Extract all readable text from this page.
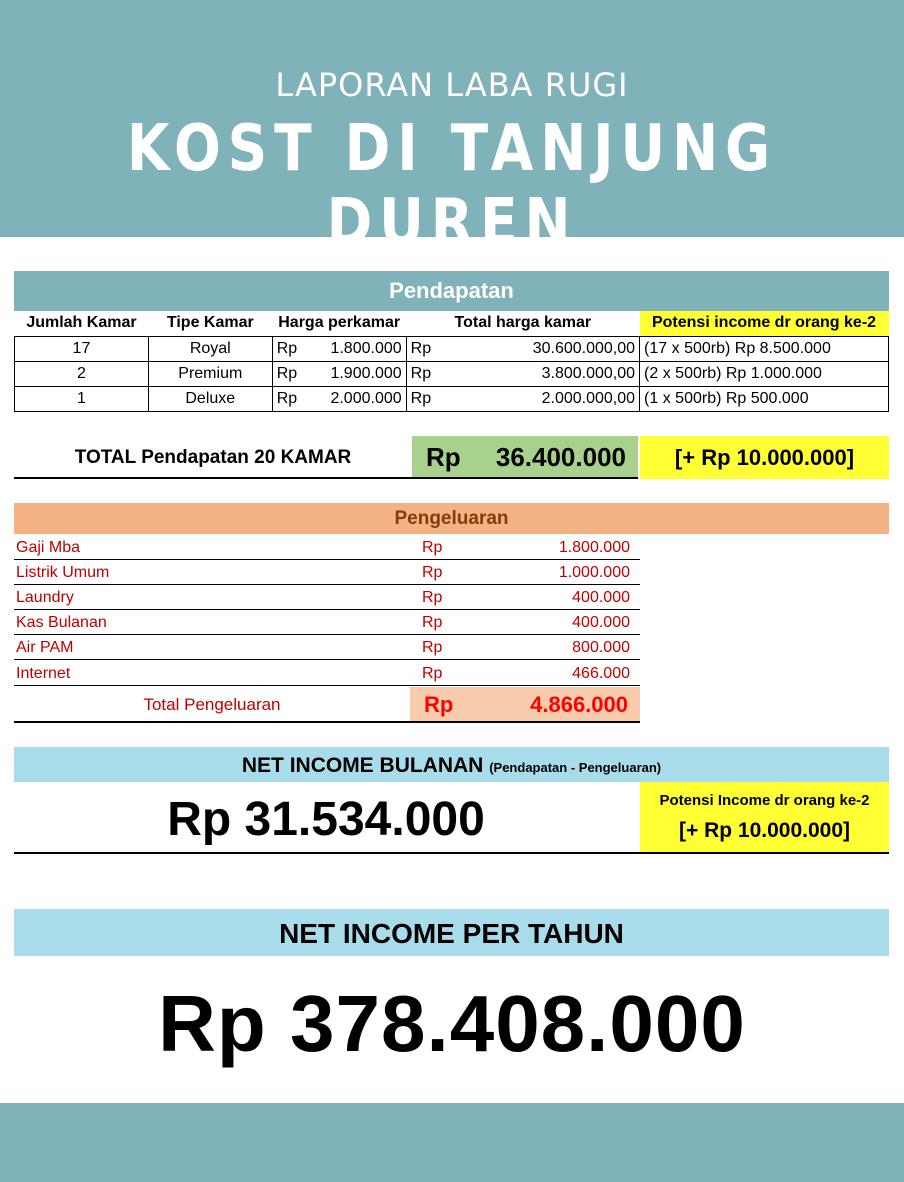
LAPORAN LABA RUGI
KOST DI TANJUNG DUREN
Pendapatan
Jumlah Kamar	Tipe Kamar	Harga perkamar		Total harga kamar		Potensi income dr orang ke-2
17	Royal	Rp	1.800.000	Rp	30.600.000,00	(17 x 500rb) Rp 8.500.000
2	Premium	Rp	1.900.000	Rp	3.800.000,00	(2 x 500rb) Rp 1.000.000
1	Deluxe	Rp	2.000.000	Rp	2.000.000,00	(1 x 500rb) Rp 500.000
TOTAL Pendapatan 20 KAMAR	Rp 36.400.000	[+ Rp 10.000.000]
Pengeluaran
Gaji Mba	Rp	1.800.000
Listrik Umum	Rp	1.000.000
Laundry	Rp	400.000
Kas Bulanan	Rp	400.000
Air PAM	Rp	800.000
Internet	Rp	466.000
Total Pengeluaran	Rp	4.866.000
NET INCOME BULANAN (Pendapatan - Pengeluaran)
Rp 31.534.000	Potensi Income dr orang ke-2
[+ Rp 10.000.000]
NET INCOME PER TAHUN
Rp 378.408.000
